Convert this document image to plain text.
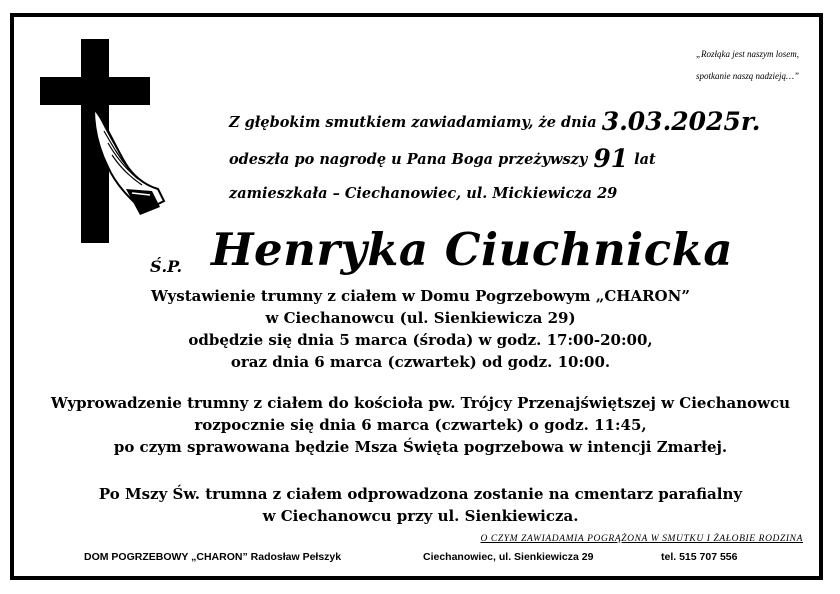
„Rozłąka jest naszym losem,
spotkanie naszą nadzieją…”
Z głębokim smutkiem zawiadamiamy, że dnia 3.03.2025r.
odeszła po nagrodę u Pana Boga przeżywszy 91 lat
zamieszkała – Ciechanowiec, ul. Mickiewicza 29
Ś.P. Henryka Ciuchnicka
Wystawienie trumny z ciałem w Domu Pogrzebowym „CHARON”
w Ciechanowcu (ul. Sienkiewicza 29)
odbędzie się dnia 5 marca (środa) w godz. 17:00-20:00,
oraz dnia 6 marca (czwartek) od godz. 10:00.
Wyprowadzenie trumny z ciałem do kościoła pw. Trójcy Przenajświętszej w Ciechanowcu
rozpocznie się dnia 6 marca (czwartek) o godz. 11:45,
po czym sprawowana będzie Msza Święta pogrzebowa w intencji Zmarłej.
Po Mszy Św. trumna z ciałem odprowadzona zostanie na cmentarz parafialny
w Ciechanowcu przy ul. Sienkiewicza.
O CZYM ZAWIADAMIA POGRĄŻONA W SMUTKU I ŻAŁOBIE RODZINA
DOM POGRZEBOWY „CHARON” Radosław Pełszyk	Ciechanowiec, ul. Sienkiewicza 29	tel. 515 707 556
